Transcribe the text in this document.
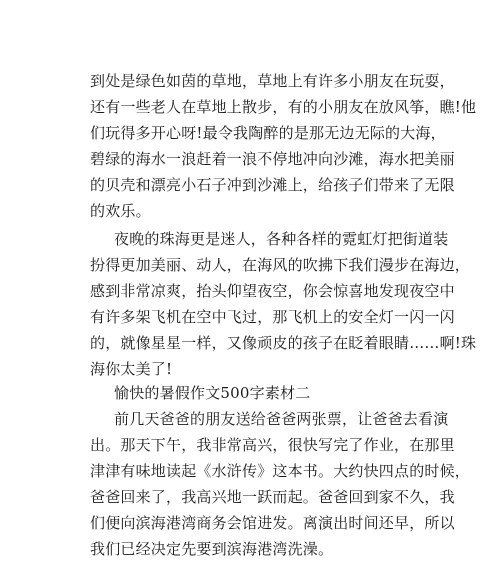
到处是绿色如茵的草地，草地上有许多小朋友在玩耍，
还有一些老人在草地上散步，有的小朋友在放风筝，瞧!他
们玩得多开心呀!最令我陶醉的是那无边无际的大海，
碧绿的海水一浪赶着一浪不停地冲向沙滩，海水把美丽
的贝壳和漂亮小石子冲到沙滩上，给孩子们带来了无限
的欢乐。
夜晚的珠海更是迷人，各种各样的霓虹灯把街道装
扮得更加美丽、动人，在海风的吹拂下我们漫步在海边，
感到非常凉爽，抬头仰望夜空，你会惊喜地发现夜空中
有许多架飞机在空中飞过，那飞机上的安全灯一闪一闪
的，就像星星一样，又像顽皮的孩子在眨着眼睛……啊!珠
海你太美了!
愉快的暑假作文500字素材二
前几天爸爸的朋友送给爸爸两张票，让爸爸去看演
出。那天下午，我非常高兴，很快写完了作业，在那里
津津有味地读起《水浒传》这本书。大约快四点的时候，
爸爸回来了，我高兴地一跃而起。爸爸回到家不久，我
们便向滨海港湾商务会馆进发。离演出时间还早，所以
我们已经决定先要到滨海港湾洗澡。
